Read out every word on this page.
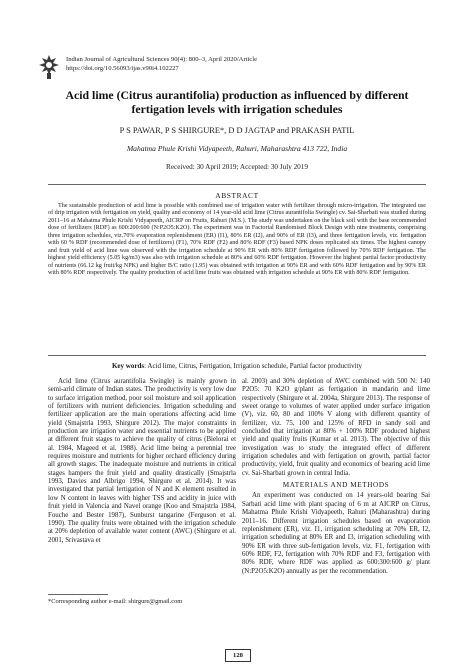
Indian Journal of Agricultural Sciences 90(4): 800–3, April 2020/Article
https://doi.org/10.56093/ijas.v90i4.102227
Acid lime (Citrus aurantifolia) production as influenced by different fertigation levels with irrigation schedules
P S PAWAR, P S SHIRGURE*, D D JAGTAP and PRAKASH PATIL
Mahatma Phule Krishi Vidyapeeth, Rahuri, Maharashtra 413 722, India
Received: 30 April 2019; Accepted: 30 July 2019
ABSTRACT
The sustainable production of acid lime is possible with combined use of irrigation water with fertilizer through micro-irrigation. The integrated use of drip irrigation with fertigation on yield, quality and economy of 14 year-old acid lime (Citrus aurantifolia Swingle) cv. Sai-Sharbati was studied during 2011–16 at Mahatma Phule Krishi Vidyapeeth, AICRP on Fruits, Rahuri (M.S.). The study was undertaken on the black soil with the base recommended dose of fertilizers (RDF) as 600:200:600 (N:P2O5:K2O). The experiment was in Factorial Randomised Block Design with nine treatments, comprising three irrigation schedules, viz.70% evaporation replenishment (ER) (I1), 80% ER (I2), and 90% of ER (I3), and three fertigation levels, viz. fertigation with 60 % RDF (recommended dose of fertilizers) (F1), 70% RDF (F2) and 80% RDF (F3) based NPK doses replicated six times. The highest canopy and fruit yield of acid lime was observed with the irrigation schedule at 90% ER with 80% RDF fertigation followed by 70% RDF fertigation. The highest yield efficiency (5.05 kg/m3) was also with irrigation schedule at 80% and 60% RDF fertigation. However the highest partial factor productivity of nutrients (66.12 kg fruit/kg NPK) and higher B/C ratio (1.95) was obtained with irrigation at 90% ER and with 60% RDF fertigation and by 90% ER with 80% RDF respectively. The quality production of acid lime fruits was obtained with irrigation schedule at 90% ER with 80% RDF fertigation.
Key words: Acid lime, Citrus, Fertigation, Irrigation schedule, Partial factor productivity

Acid lime (Citrus aurantifolia Swingle) is mainly grown in semi-arid climate of Indian states. The productivity is very low due to surface irrigation method, poor soil moisture and soil application of fertilizers with nutrient deficiencies. Irrigation scheduling and fertilizer application are the main operations affecting acid lime yield (Smajstrla 1993, Shirgure 2012). The major constraints in production are irrigation water and essential nutrients to be applied at different fruit stages to achieve the quality of citrus (Bielorai et al. 1984, Mageed et al. 1988). Acid lime being a perennial tree requires moisture and nutrients for higher orchard efficiency during all growth stages. The inadequate moisture and nutrients in critical stages hampers the fruit yield and quality drastically (Smajstrla 1993, Davies and Albrigo 1994, Shirgure et al. 2014). It was investigated that partial fertigation of N and K element resulted in low N content in leaves with higher TSS and acidity in juice with fruit yield in Valencia and Navel orange (Koo and Smajstrla 1984, Fouche and Bester 1987), Sunburst tangarine (Ferguson et al. 1990). The quality fruits were obtained with the irrigation schedule at 20% depletion of available water content (AWC) (Shirgure et al. 2001, Srivastava et

al. 2003) and 30% depletion of AWC combined with 500 N: 140 P2O5: 70 K2O g/plant as fertigation in mandarin and lime respectively (Shirgure et al. 2004a, Shirgure 2013). The response of sweet orange to volumes of water applied under surface irrigation (V), viz. 60, 80 and 100% V along with different quantity of fertilizer, viz. 75, 100 and 125% of RFD in sandy soil and concluded that irrigation at 80% + 100% RDF produced highest yield and quality fruits (Kumar et al. 2013). The objective of this investigation was to study the integrated effect of different irrigation schedules and with fertigation on growth, partial factor productivity, yield, fruit quality and economics of bearing acid lime cv. Sai-Sharbati grown in central India.

MATERIALS AND METHODS

An experiment was conducted on 14 years-old bearing Sai Sarbati acid lime with plant spacing of 6 m at AICRP on Citrus, Mahatma Phule Krishi Vidyapeeth, Rahuri (Maharashtra) during 2011–16. Different irrigation schedules based on evaporation replenishment (ER), viz. I1, irrigation scheduling at 70% ER, I2, irrigation scheduling at 80% ER and I3, irrigation scheduling with 90% ER with three sub-fertigation levels, viz. F1, fertigation with 60% RDF, F2, fertigation with 70% RDF and F3, fertigation with 80% RDF, where RDF was applied as 600:300:600 g/ plant (N:P2O5:K2O) annually as per the recommendation.

*Corresponding author e-mail: shirgure@gmail.com
128
